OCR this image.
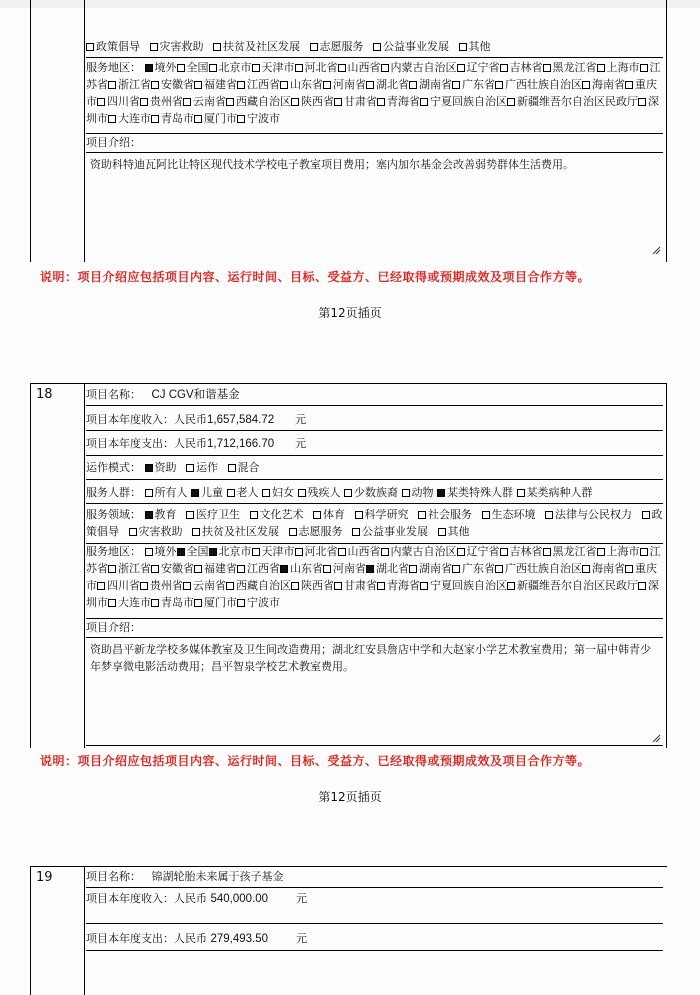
政策倡导 灾害救助 扶贫及社区发展 志愿服务 公益事业发展 其他
服务地区： 境外 全国 北京市 天津市 河北省 山西省 内蒙古自治区 辽宁省 吉林省 黑龙江省 上海市 江苏省 浙江省 安徽省 福建省 江西省 山东省 河南省 湖北省 湖南省 广东省 广西壮族自治区 海南省 重庆市 四川省 贵州省 云南省 西藏自治区 陕西省 甘肃省 青海省 宁夏回族自治区 新疆维吾尔自治区民政厅 深圳市 大连市 青岛市 厦门市 宁波市
项目介绍：
资助科特迪瓦阿比让特区现代技术学校电子教室项目费用；塞内加尔基金会改善弱势群体生活费用。
说明：项目介绍应包括项目内容、运行时间、目标、受益方、已经取得或预期成效及项目合作方等。
第12页插页
18	项目名称： CJ CGV和谐基金
项目本年度收入：人民币1,657,584.72 元
项目本年度支出：人民币1,712,166.70 元
运作模式： 资助 运作 混合
服务人群： 所有人 儿童 老人 妇女 残疾人 少数族裔 动物 某类特殊人群 某类病种人群
服务领域： 教育 医疗卫生 文化艺术 体育 科学研究 社会服务 生态环境 法律与公民权力 政策倡导 灾害救助 扶贫及社区发展 志愿服务 公益事业发展 其他
服务地区： 境外 全国 北京市 天津市 河北省 山西省 内蒙古自治区 辽宁省 吉林省 黑龙江省 上海市 江苏省 浙江省 安徽省 福建省 江西省 山东省 河南省 湖北省 湖南省 广东省 广西壮族自治区 海南省 重庆市 四川省 贵州省 云南省 西藏自治区 陕西省 甘肃省 青海省 宁夏回族自治区 新疆维吾尔自治区民政厅 深圳市 大连市 青岛市 厦门市 宁波市
项目介绍：
资助昌平新龙学校多媒体教室及卫生间改造费用；湖北红安县詹店中学和大赵家小学艺术教室费用；第一届中韩青少年梦享微电影活动费用；昌平智泉学校艺术教室费用。
说明：项目介绍应包括项目内容、运行时间、目标、受益方、已经取得或预期成效及项目合作方等。
第12页插页
19	项目名称： 锦湖轮胎未来属于孩子基金
项目本年度收入：人民币 540,000.00	元
项目本年度支出：人民币 279,493.50	元
